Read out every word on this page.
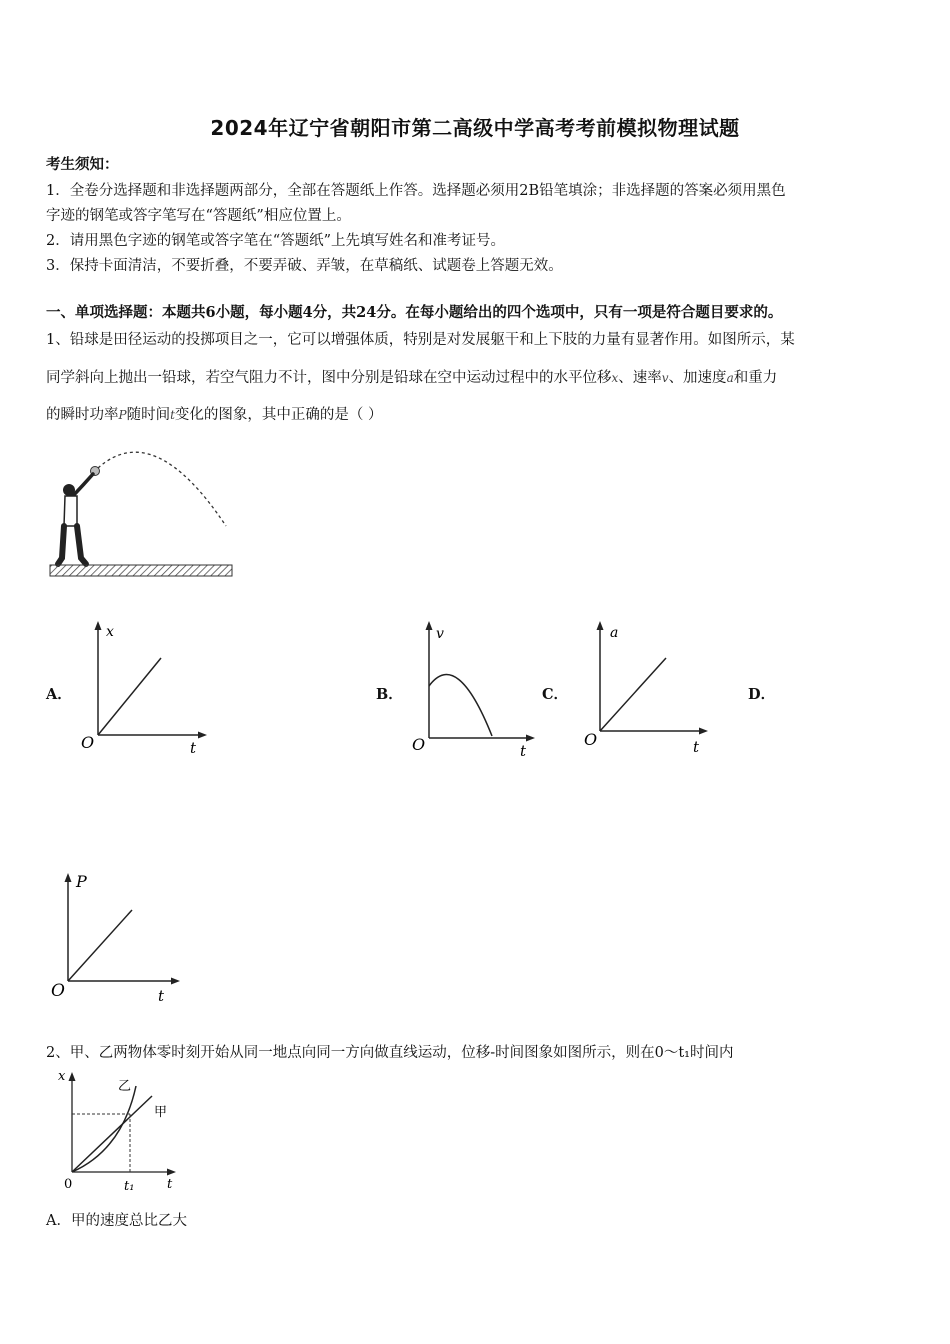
2024年辽宁省朝阳市第二高级中学高考考前模拟物理试题
考生须知：
1．全卷分选择题和非选择题两部分，全部在答题纸上作答。选择题必须用2B铅笔填涂；非选择题的答案必须用黑色
字迹的钢笔或答字笔写在“答题纸”相应位置上。
2．请用黑色字迹的钢笔或答字笔在“答题纸”上先填写姓名和准考证号。
3．保持卡面清洁，不要折叠，不要弄破、弄皱，在草稿纸、试题卷上答题无效。
一、单项选择题：本题共6小题，每小题4分，共24分。在每小题给出的四个选项中，只有一项是符合题目要求的。
1、铅球是田径运动的投掷项目之一，它可以增强体质，特别是对发展躯干和上下肢的力量有显著作用。如图所示，某
同学斜向上抛出一铅球，若空气阻力不计，图中分别是铅球在空中运动过程中的水平位移x、速率v、加速度a和重力
的瞬时功率P随时间t变化的图象，其中正确的是（ ）
A．
x
t
O
B．
v
t
O
C．
a
t
O
D．
P
t
O
2、甲、乙两物体零时刻开始从同一地点向同一方向做直线运动，位移-时间图象如图所示，则在0～t₁时间内
x
t
0	t₁
乙
甲
A．甲的速度总比乙大
